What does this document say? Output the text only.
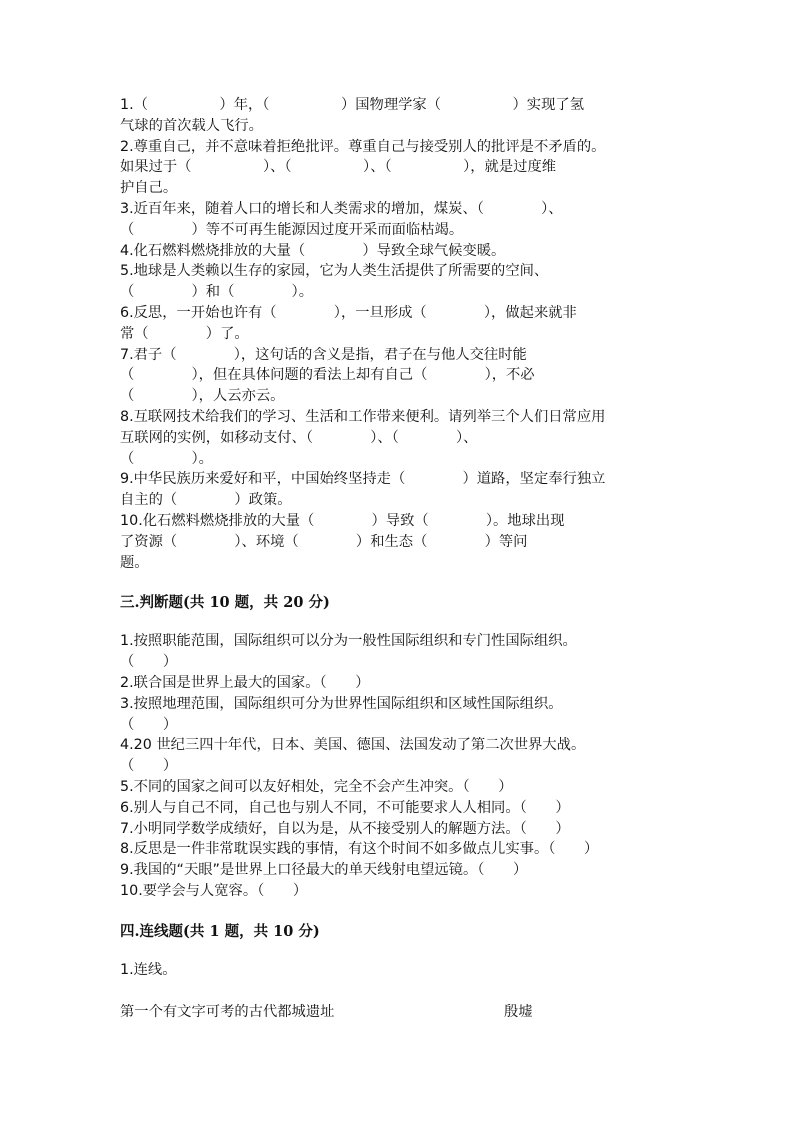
1.（　　　　　）年，（　　　　　）国物理学家（　　　　　）实现了氢

气球的首次载人飞行。

2.尊重自己，并不意味着拒绝批评。尊重自己与接受别人的批评是不矛盾的。

如果过于（　　　　　）、（　　　　　）、（　　　　　），就是过度维

护自己。

3.近百年来，随着人口的增长和人类需求的增加，煤炭、（　　　　）、

（　　　　）等不可再生能源因过度开采而面临枯竭。

4.化石燃料燃烧排放的大量（　　　　）导致全球气候变暖。

5.地球是人类赖以生存的家园，它为人类生活提供了所需要的空间、

（　　　　）和（　　　　）。

6.反思，一开始也许有（　　　　），一旦形成（　　　　），做起来就非

常（　　　　）了。

7.君子（　　　　），这句话的含义是指，君子在与他人交往时能

（　　　　），但在具体问题的看法上却有自己（　　　　），不必

（　　　　），人云亦云。

8.互联网技术给我们的学习、生活和工作带来便利。请列举三个人们日常应用

互联网的实例，如移动支付、（　　　　）、（　　　　）、

（　　　　）。

9.中华民族历来爱好和平，中国始终坚持走（　　　　）道路，坚定奉行独立

自主的（　　　　）政策。

10.化石燃料燃烧排放的大量（　　　　）导致（　　　　）。地球出现

了资源（　　　　）、环境（　　　　）和生态（　　　　）等问

题。

三.判断题(共 10 题，共 20 分)

1.按照职能范围，国际组织可以分为一般性国际组织和专门性国际组织。

（　　）

2.联合国是世界上最大的国家。（　　）

3.按照地理范围，国际组织可分为世界性国际组织和区域性国际组织。

（　　）

4.20 世纪三四十年代，日本、美国、德国、法国发动了第二次世界大战。

（　　）

5.不同的国家之间可以友好相处，完全不会产生冲突。（　　）

6.别人与自己不同，自己也与别人不同，不可能要求人人相同。（　　）

7.小明同学数学成绩好，自以为是，从不接受别人的解题方法。（　　）

8.反思是一件非常耽误实践的事情，有这个时间不如多做点儿实事。（　　）

9.我国的“天眼”是世界上口径最大的单天线射电望远镜。（　　）

10.要学会与人宽容。（　　）

四.连线题(共 1 题，共 10 分)

1.连线。

第一个有文字可考的古代都城遗址	殷墟
